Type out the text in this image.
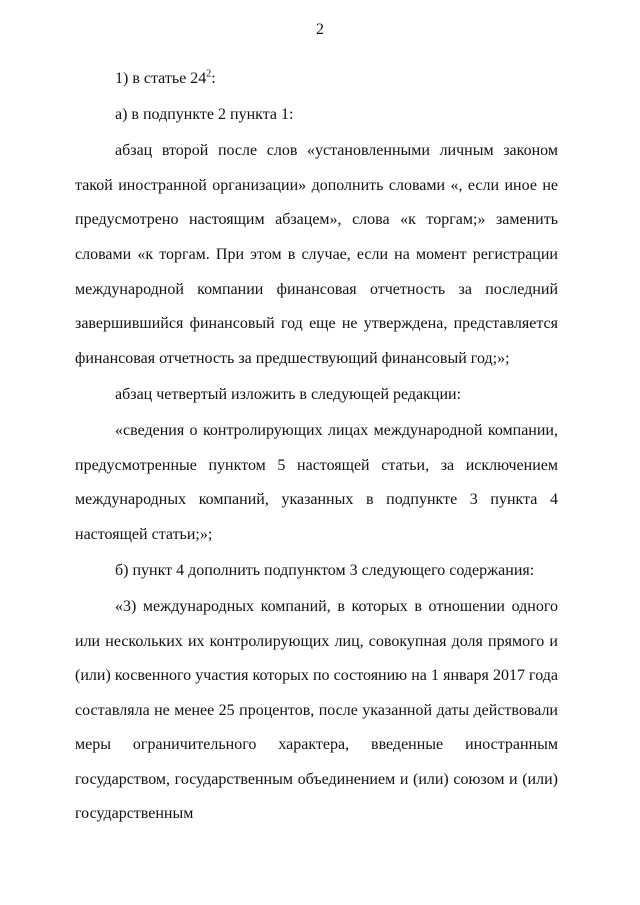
2

1) в статье $24^2$:

а) в подпункте 2 пункта 1:

абзац второй после слов «установленными личным законом такой иностранной организации» дополнить словами «, если иное не предусмотрено настоящим абзацем», слова «к торгам;» заменить словами «к торгам. При этом в случае, если на момент регистрации международной компании финансовая отчетность за последний завершившийся финансовый год еще не утверждена, представляется финансовая отчетность за предшествующий финансовый год;»;

абзац четвертый изложить в следующей редакции:

«сведения о контролирующих лицах международной компании, предусмотренные пунктом 5 настоящей статьи, за исключением международных компаний, указанных в подпункте 3 пункта 4 настоящей статьи;»;

б) пункт 4 дополнить подпунктом 3 следующего содержания:

«3) международных компаний, в которых в отношении одного или нескольких их контролирующих лиц, совокупная доля прямого и (или) косвенного участия которых по состоянию на 1 января 2017 года составляла не менее 25 процентов, после указанной даты действовали меры ограничительного характера, введенные иностранным государством, государственным объединением и (или) союзом и (или) государственным
